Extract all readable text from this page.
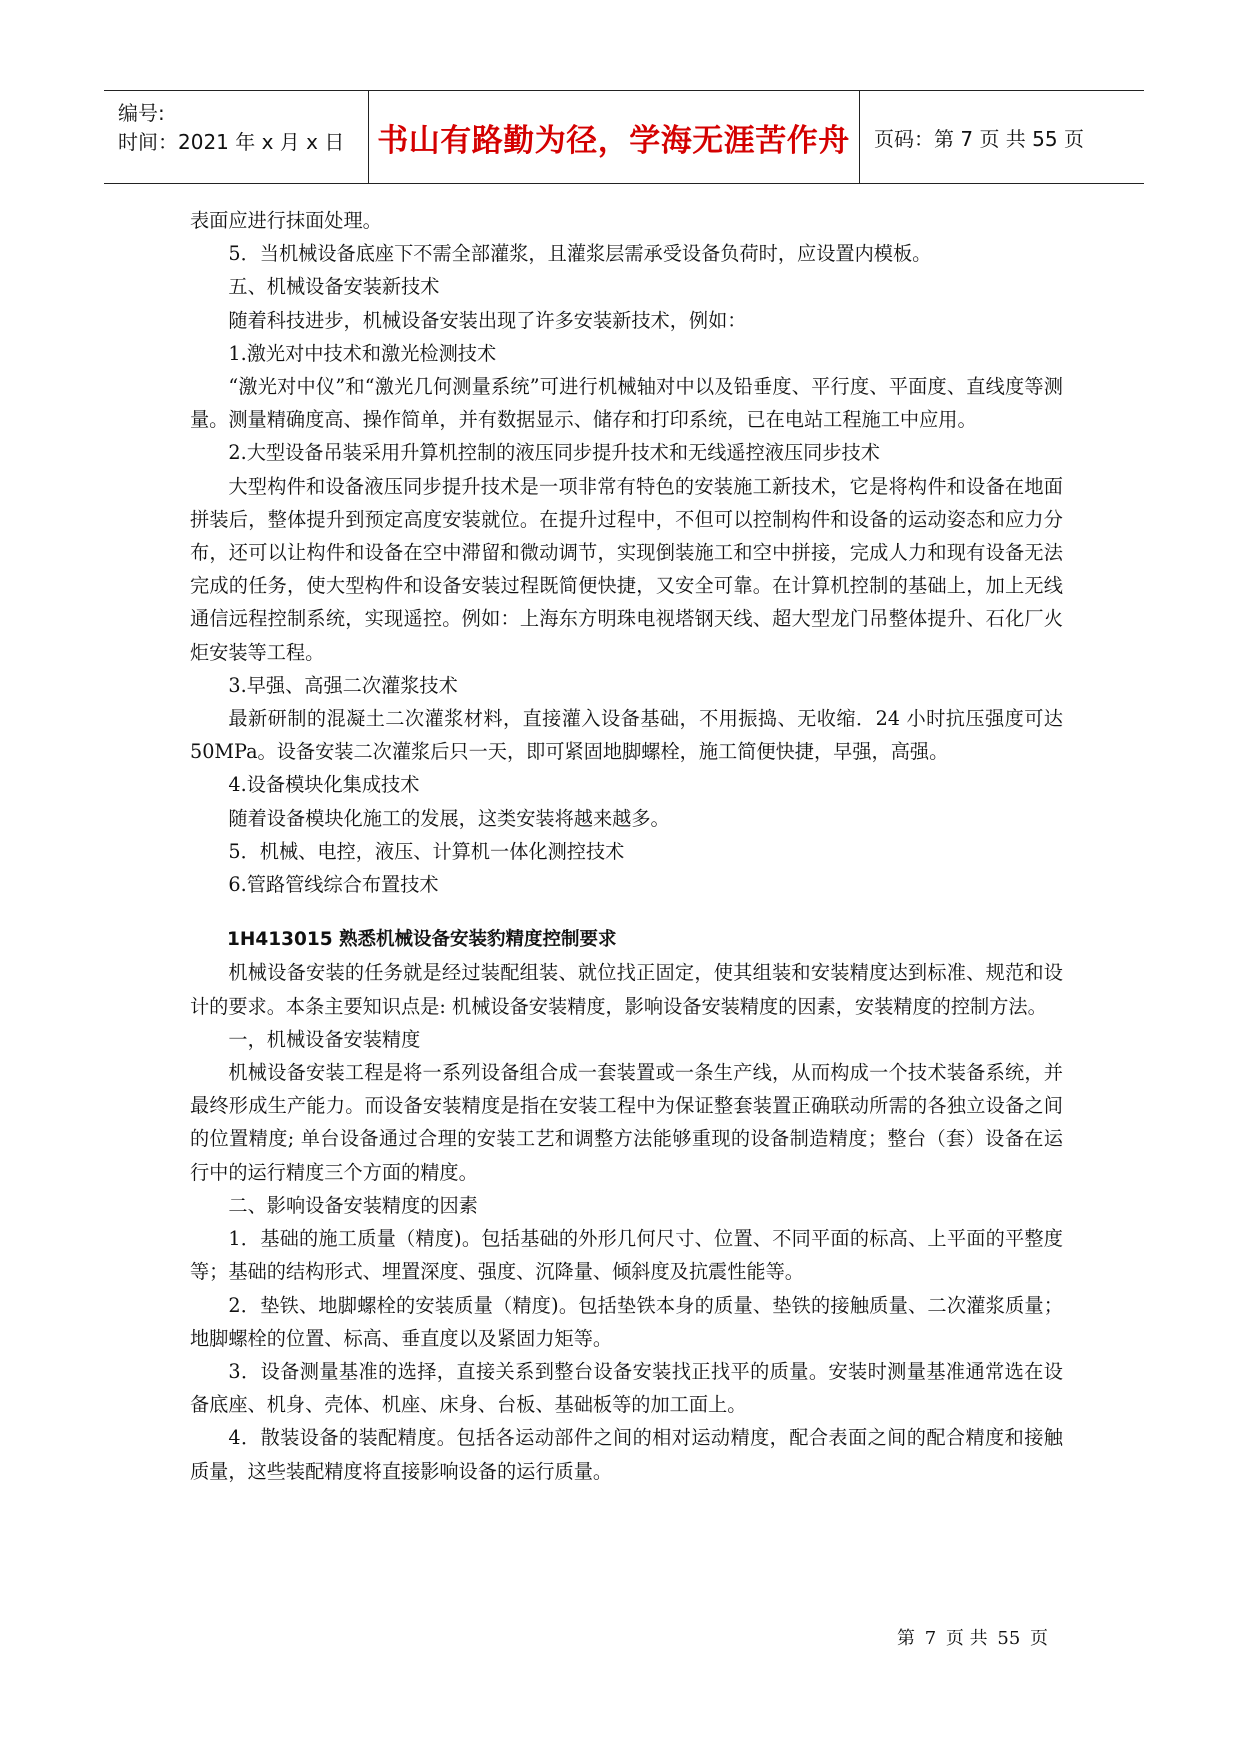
编号:
时间：2021 年 x 月 x 日 书山有路勤为径，学海无涯苦作舟	页码：第 7 页 共 55 页

表面应进行抹面处理。

5．当机械设备底座下不需全部灌浆，且灌浆层需承受设备负荷时，应设置内模板。

五、机械设备安装新技术

随着科技进步，机械设备安装出现了许多安装新技术，例如：

1.激光对中技术和激光检测技术

“激光对中仪”和“激光几何测量系统”可进行机械轴对中以及铅垂度、平行度、平面度、直线度等测量。测量精确度高、操作简单，并有数据显示、储存和打印系统，已在电站工程施工中应用。

2.大型设备吊装采用升算机控制的液压同步提升技术和无线遥控液压同步技术

大型构件和设备液压同步提升技术是一项非常有特色的安装施工新技术，它是将构件和设备在地面拼装后，整体提升到预定高度安装就位。在提升过程中，不但可以控制构件和设备的运动姿态和应力分布，还可以让构件和设备在空中滞留和微动调节，实现倒装施工和空中拼接，完成人力和现有设备无法完成的任务，使大型构件和设备安装过程既简便快捷，又安全可靠。在计算机控制的基础上，加上无线通信远程控制系统，实现遥控。例如：上海东方明珠电视塔钢天线、超大型龙门吊整体提升、石化厂火炬安装等工程。

3.早强、高强二次灌浆技术

最新研制的混凝土二次灌浆材料，直接灌入设备基础，不用振捣、无收缩．24 小时抗压强度可达 50MPa。设备安装二次灌浆后只一天，即可紧固地脚螺栓，施工简便快捷，早强，高强。

4.设备模块化集成技术

随着设备模块化施工的发展，这类安装将越来越多。

5．机械、电控，液压、计算机一体化测控技术

6.管路管线综合布置技术

1H413015 熟悉机械设备安装豹精度控制要求

机械设备安装的任务就是经过装配组装、就位找正固定，使其组装和安装精度达到标准、规范和设计的要求。本条主要知识点是: 机械设备安装精度，影响设备安装精度的因素，安装精度的控制方法。

一，机械设备安装精度

机械设备安装工程是将一系列设备组合成一套装置或一条生产线，从而构成一个技术装备系统，并最终形成生产能力。而设备安装精度是指在安装工程中为保证整套装置正确联动所需的各独立设备之间的位置精度; 单台设备通过合理的安装工艺和调整方法能够重现的设备制造精度；整台（套）设备在运行中的运行精度三个方面的精度。

二、影响设备安装精度的因素

1．基础的施工质量（精度)。包括基础的外形几何尺寸、位置、不同平面的标高、上平面的平整度等；基础的结构形式、埋置深度、强度、沉降量、倾斜度及抗震性能等。

2．垫铁、地脚螺栓的安装质量（精度)。包括垫铁本身的质量、垫铁的接触质量、二次灌浆质量；地脚螺栓的位置、标高、垂直度以及紧固力矩等。

3．设备测量基准的选择，直接关系到整台设备安装找正找平的质量。安装时测量基准通常选在设备底座、机身、壳体、机座、床身、台板、基础板等的加工面上。

4．散装设备的装配精度。包括各运动部件之间的相对运动精度，配合表面之间的配合精度和接触质量，这些装配精度将直接影响设备的运行质量。

第 7 页 共 55 页
